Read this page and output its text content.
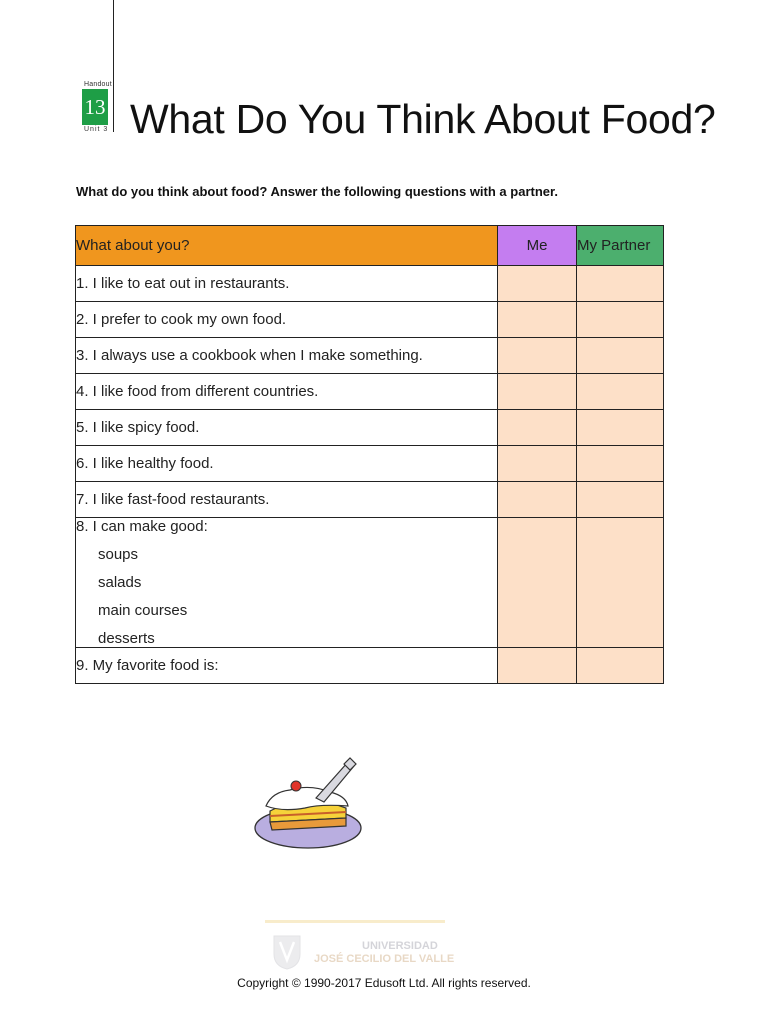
Handout
13
Unit 3 What Do You Think About Food?
What do you think about food? Answer the following questions with a partner.
What about you?	Me	My Partner
1. I like to eat out in restaurants.		
2. I prefer to cook my own food.		
3. I always use a cookbook when I make something.		
4. I like food from different countries.		
5. I like spicy food.		
6. I like healthy food.		
7. I like fast-food restaurants.		
8. I can make good:
soups
salads
main courses
desserts		

9. My favorite food is:		
UNIVERSIDAD
JOSÉ CECILIO DEL VALLE
Copyright © 1990-2017 Edusoft Ltd. All rights reserved.
